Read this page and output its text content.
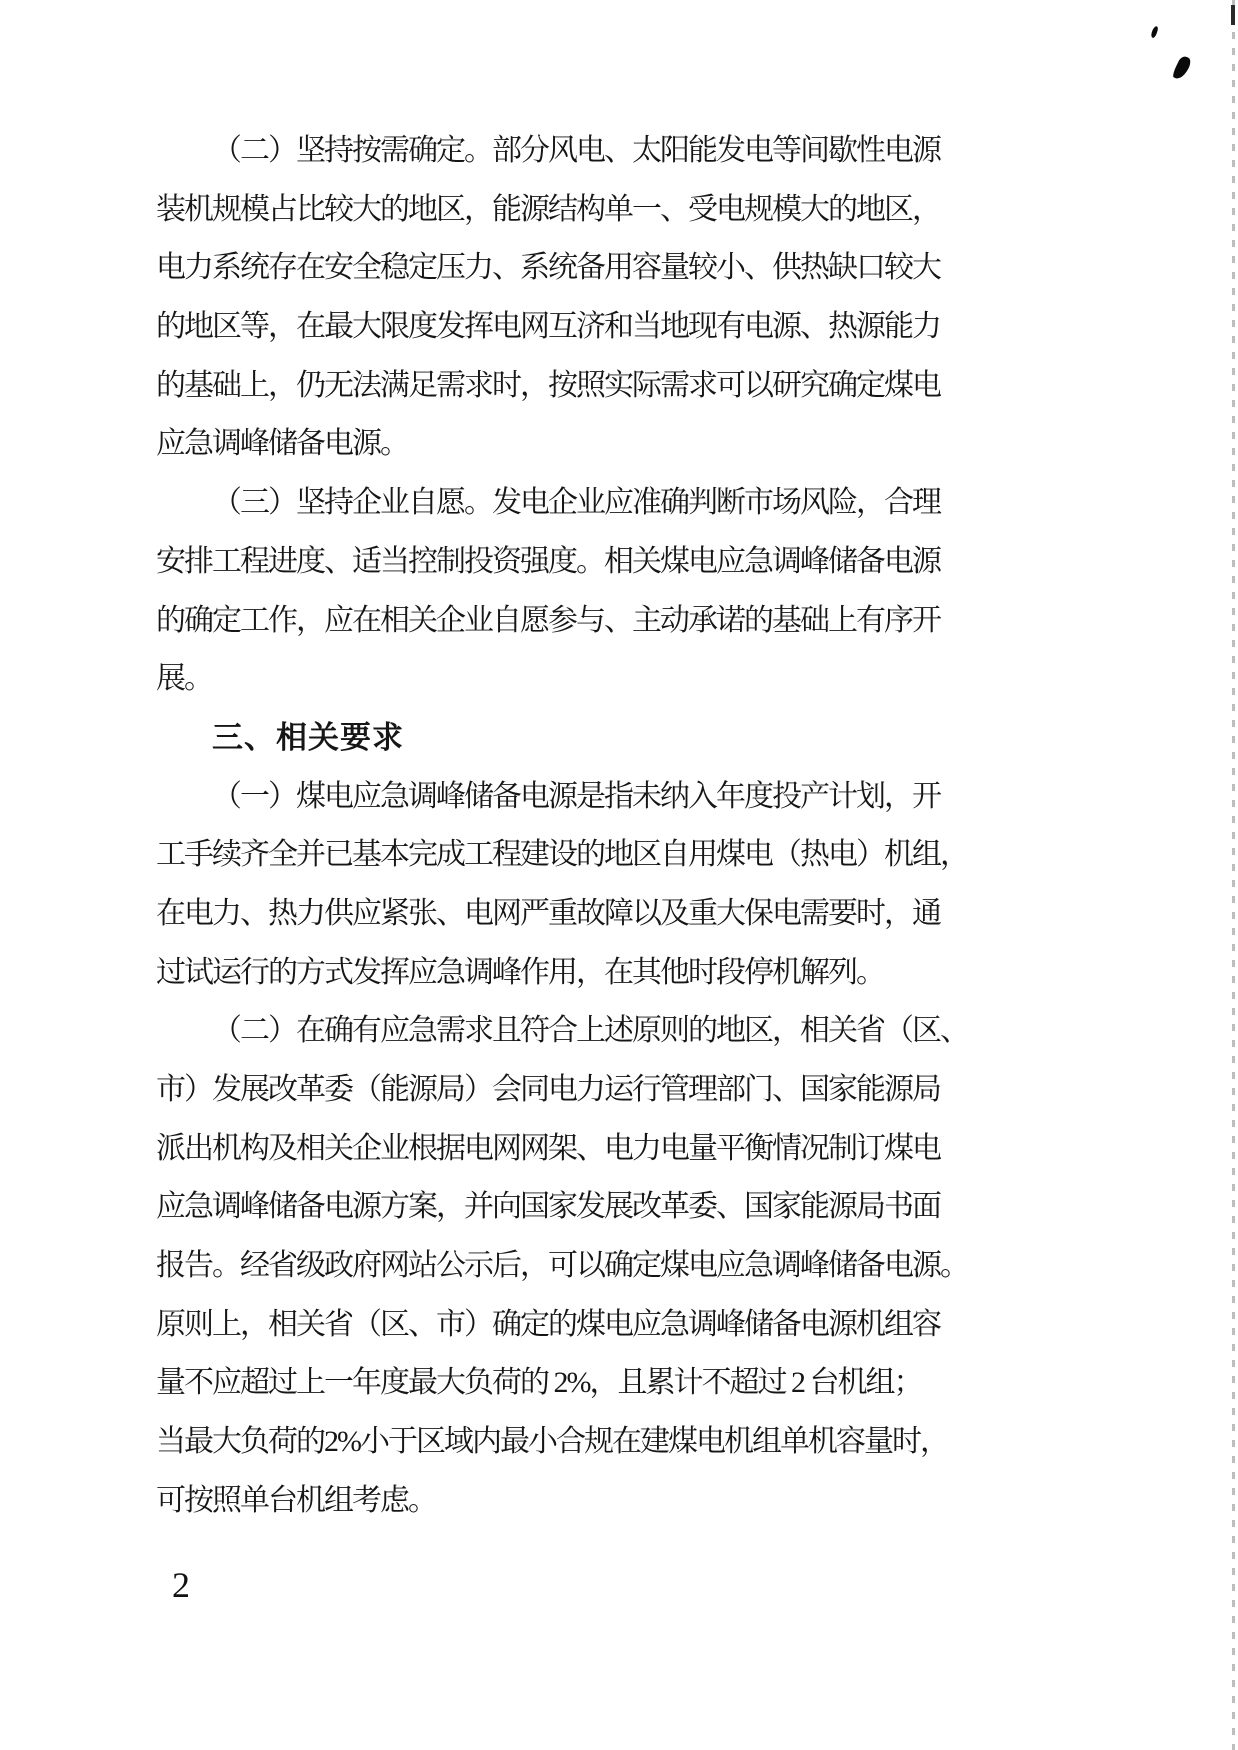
（二）坚持按需确定。部分风电、太阳能发电等间歇性电源
装机规模占比较大的地区，能源结构单一、受电规模大的地区，
电力系统存在安全稳定压力、系统备用容量较小、供热缺口较大
的地区等，在最大限度发挥电网互济和当地现有电源、热源能力
的基础上，仍无法满足需求时，按照实际需求可以研究确定煤电
应急调峰储备电源。
（三）坚持企业自愿。发电企业应准确判断市场风险，合理
安排工程进度、适当控制投资强度。相关煤电应急调峰储备电源
的确定工作，应在相关企业自愿参与、主动承诺的基础上有序开
展。
三、相关要求
（一）煤电应急调峰储备电源是指未纳入年度投产计划，开
工手续齐全并已基本完成工程建设的地区自用煤电（热电）机组，
在电力、热力供应紧张、电网严重故障以及重大保电需要时，通
过试运行的方式发挥应急调峰作用，在其他时段停机解列。
（二）在确有应急需求且符合上述原则的地区，相关省（区、
市）发展改革委（能源局）会同电力运行管理部门、国家能源局
派出机构及相关企业根据电网网架、电力电量平衡情况制订煤电
应急调峰储备电源方案，并向国家发展改革委、国家能源局书面
报告。经省级政府网站公示后，可以确定煤电应急调峰储备电源。
原则上，相关省（区、市）确定的煤电应急调峰储备电源机组容
量不应超过上一年度最大负荷的 2%，且累计不超过 2 台机组；
当最大负荷的2%小于区域内最小合规在建煤电机组单机容量时，
可按照单台机组考虑。
2
